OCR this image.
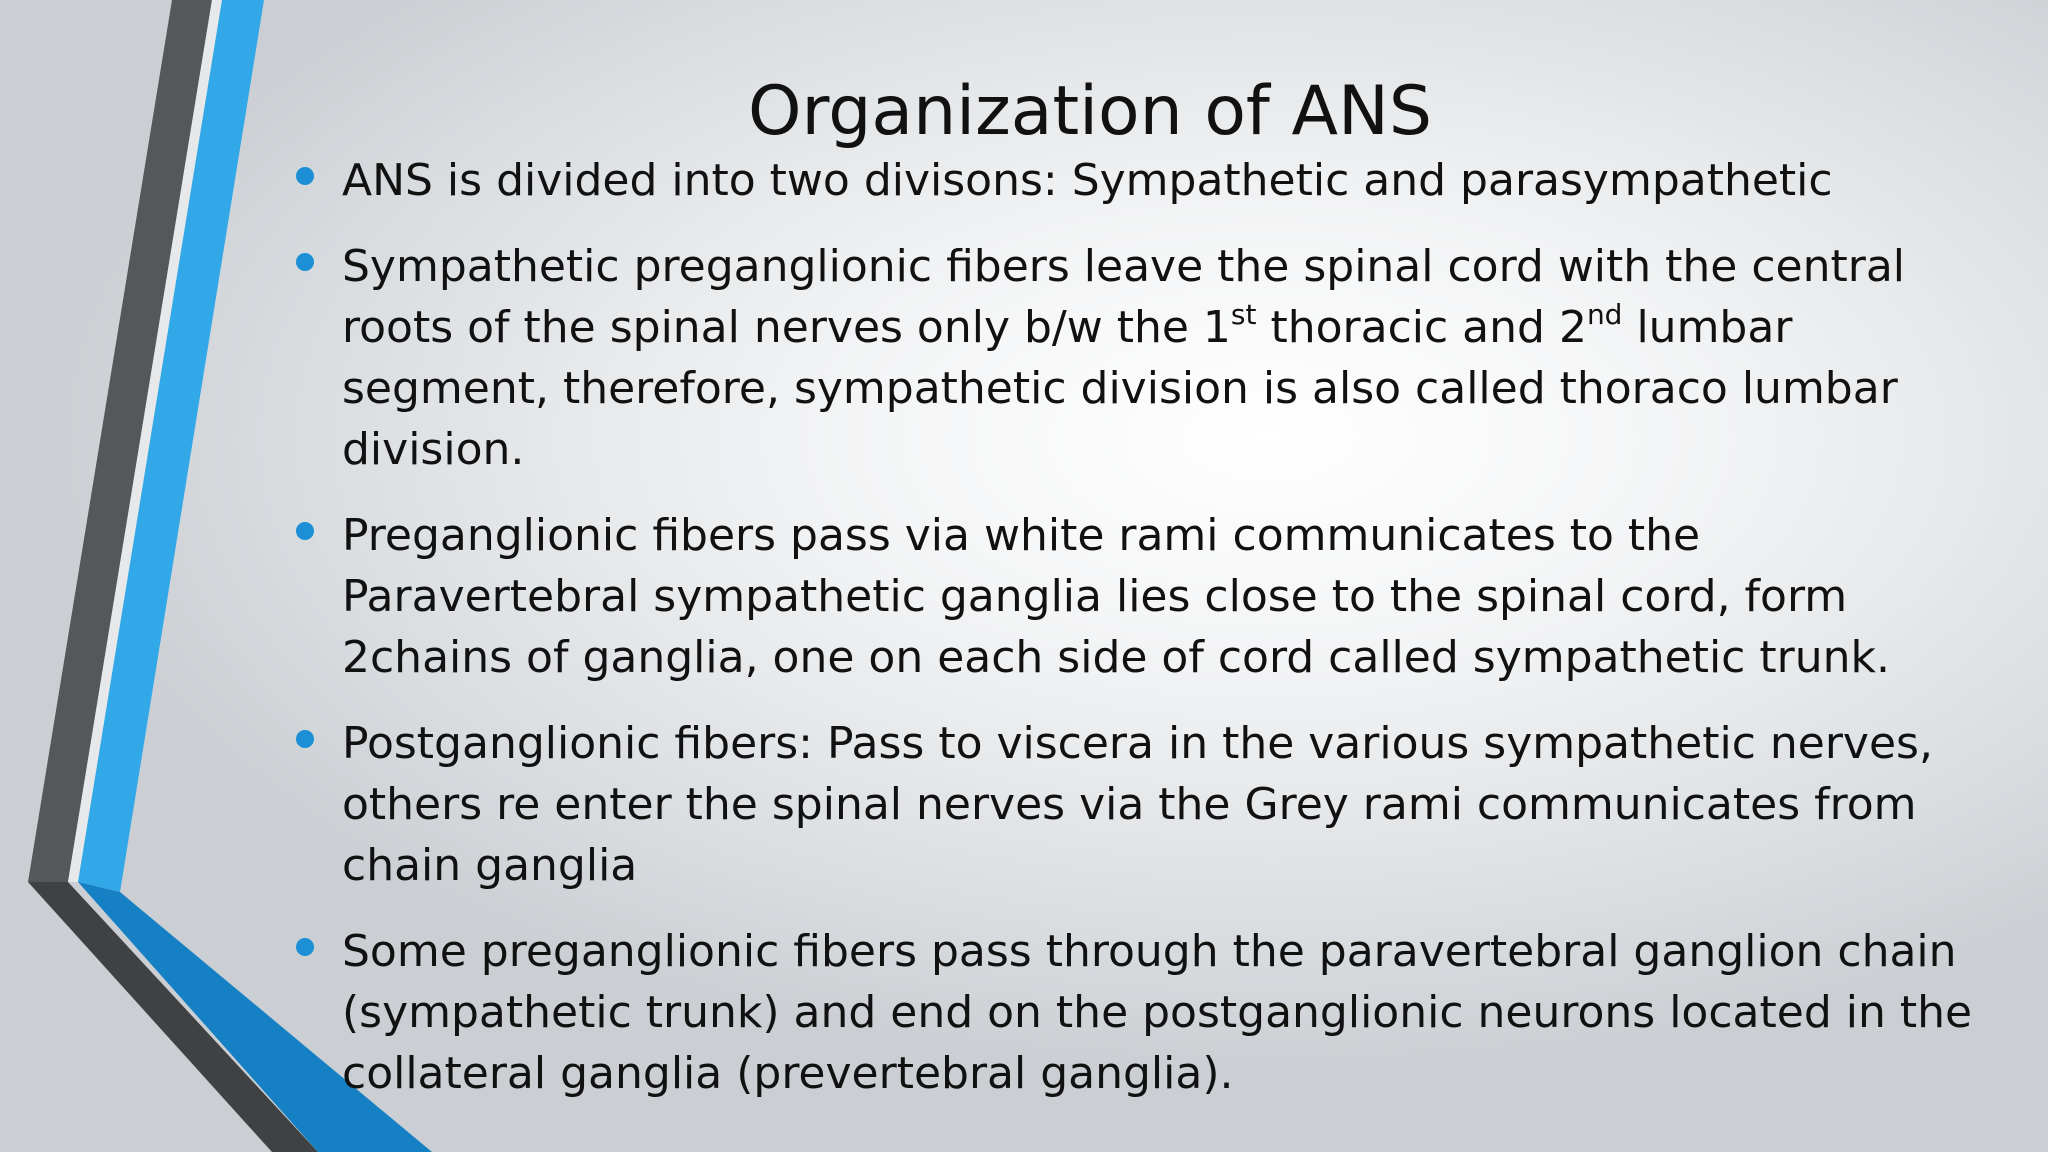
Organization of ANS
ANS is divided into two divisons: Sympathetic and parasympathetic
Sympathetic preganglionic fibers leave the spinal cord with the central roots of the spinal nerves only b/w the 1st thoracic and 2nd lumbar segment, therefore, sympathetic division is also called thoraco lumbar division.
Preganglionic fibers pass via white rami communicates to the Paravertebral sympathetic ganglia lies close to the spinal cord, form 2chains of ganglia, one on each side of cord called sympathetic trunk.
Postganglionic fibers: Pass to viscera in the various sympathetic nerves, others re enter the spinal nerves via the Grey rami communicates from chain ganglia
Some preganglionic fibers pass through the paravertebral ganglion chain (sympathetic trunk) and end on the postganglionic neurons located in the collateral ganglia (prevertebral ganglia).
